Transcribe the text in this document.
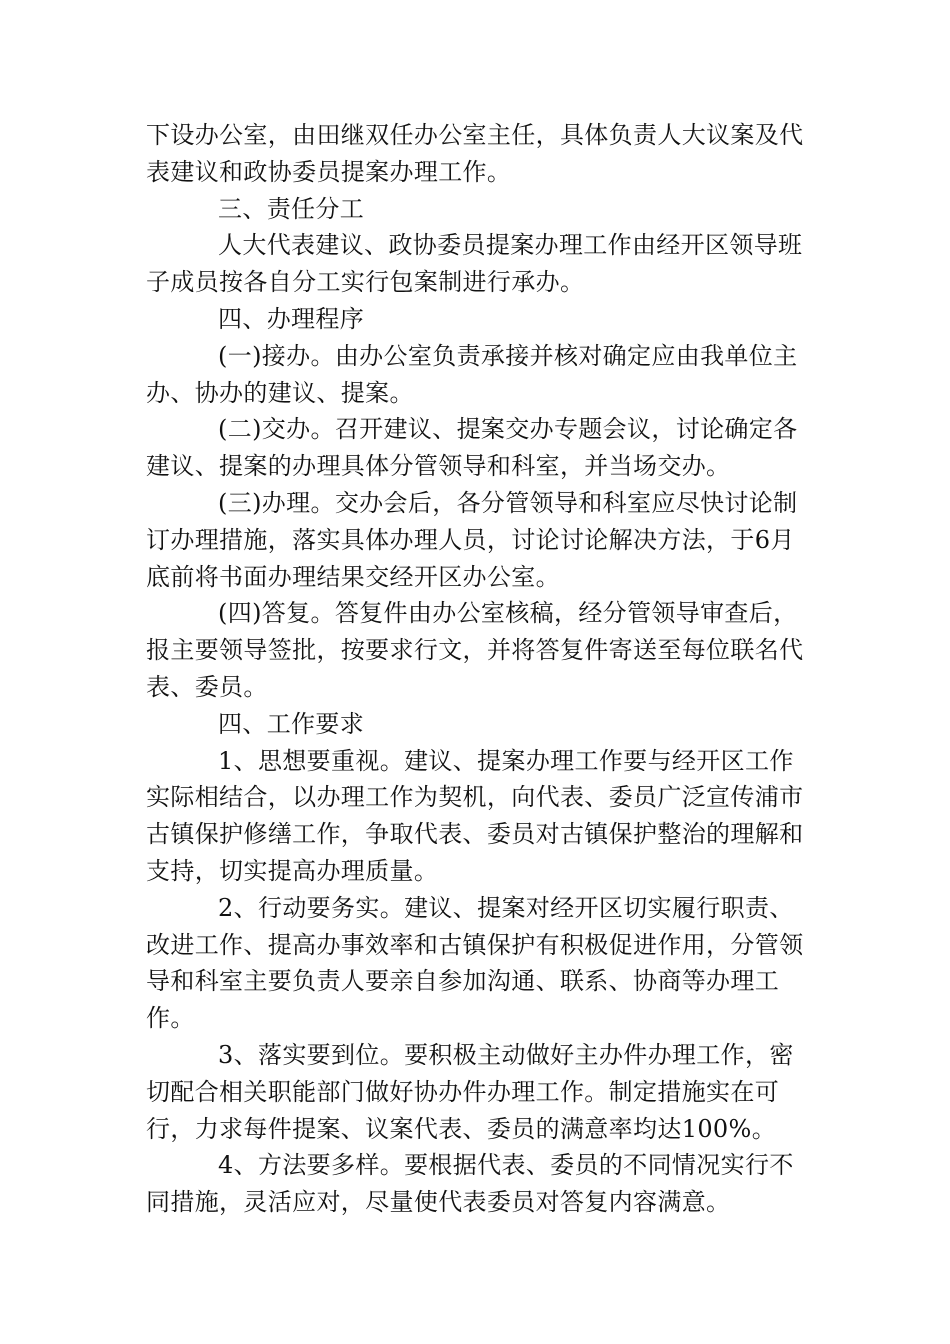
下设办公室，由田继双任办公室主任，具体负责人大议案及代表建议和政协委员提案办理工作。

三、责任分工

人大代表建议、政协委员提案办理工作由经开区领导班子成员按各自分工实行包案制进行承办。

四、办理程序

(一)接办。由办公室负责承接并核对确定应由我单位主办、协办的建议、提案。

(二)交办。召开建议、提案交办专题会议，讨论确定各建议、提案的办理具体分管领导和科室，并当场交办。

(三)办理。交办会后，各分管领导和科室应尽快讨论制订办理措施，落实具体办理人员，讨论讨论解决方法，于6月底前将书面办理结果交经开区办公室。

(四)答复。答复件由办公室核稿，经分管领导审查后，报主要领导签批，按要求行文，并将答复件寄送至每位联名代表、委员。

四、工作要求

1、思想要重视。建议、提案办理工作要与经开区工作实际相结合，以办理工作为契机，向代表、委员广泛宣传浦市古镇保护修缮工作，争取代表、委员对古镇保护整治的理解和支持，切实提高办理质量。

2、行动要务实。建议、提案对经开区切实履行职责、改进工作、提高办事效率和古镇保护有积极促进作用，分管领导和科室主要负责人要亲自参加沟通、联系、协商等办理工作。

3、落实要到位。要积极主动做好主办件办理工作，密切配合相关职能部门做好协办件办理工作。制定措施实在可行，力求每件提案、议案代表、委员的满意率均达100%。

4、方法要多样。要根据代表、委员的不同情况实行不同措施，灵活应对，尽量使代表委员对答复内容满意。
